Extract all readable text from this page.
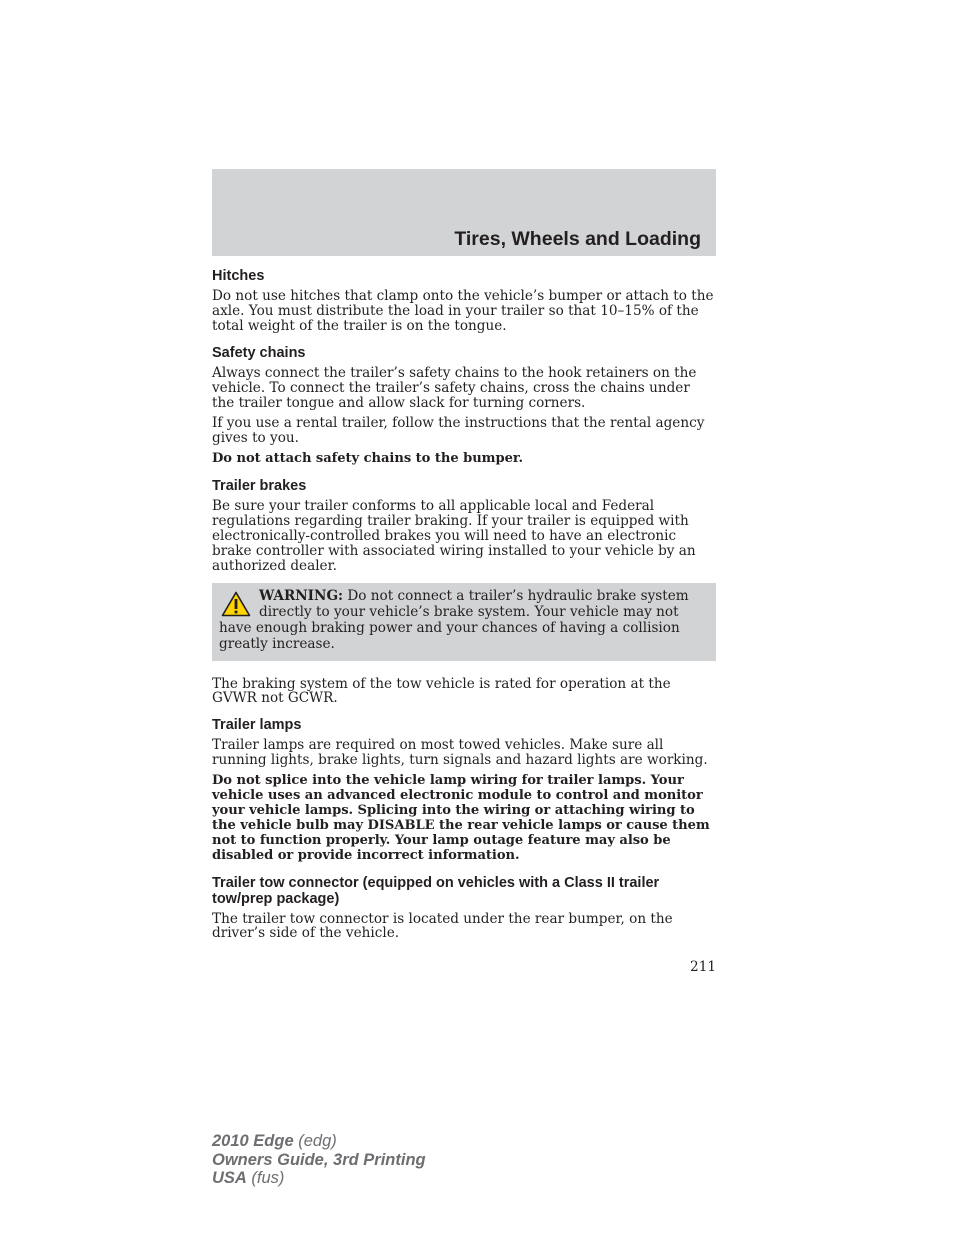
Tires, Wheels and Loading
Hitches

Do not use hitches that clamp onto the vehicle’s bumper or attach to the axle. You must distribute the load in your trailer so that 10–15% of the total weight of the trailer is on the tongue.

Safety chains

Always connect the trailer’s safety chains to the hook retainers on the vehicle. To connect the trailer’s safety chains, cross the chains under the trailer tongue and allow slack for turning corners.

If you use a rental trailer, follow the instructions that the rental agency gives to you.

Do not attach safety chains to the bumper.

Trailer brakes

Be sure your trailer conforms to all applicable local and Federal regulations regarding trailer braking. If your trailer is equipped with electronically-controlled brakes you will need to have an electronic brake controller with associated wiring installed to your vehicle by an authorized dealer.

WARNING: Do not connect a trailer’s hydraulic brake system directly to your vehicle’s brake system. Your vehicle may not have enough braking power and your chances of having a collision greatly increase.

The braking system of the tow vehicle is rated for operation at the GVWR not GCWR.

Trailer lamps

Trailer lamps are required on most towed vehicles. Make sure all running lights, brake lights, turn signals and hazard lights are working.

Do not splice into the vehicle lamp wiring for trailer lamps. Your vehicle uses an advanced electronic module to control and monitor your vehicle lamps. Splicing into the wiring or attaching wiring to the vehicle bulb may DISABLE the rear vehicle lamps or cause them not to function properly. Your lamp outage feature may also be disabled or provide incorrect information.

Trailer tow connector (equipped on vehicles with a Class II trailer tow/prep package)

The trailer tow connector is located under the rear bumper, on the driver’s side of the vehicle.

211
2010 Edge (edg)
Owners Guide, 3rd Printing
USA (fus)
